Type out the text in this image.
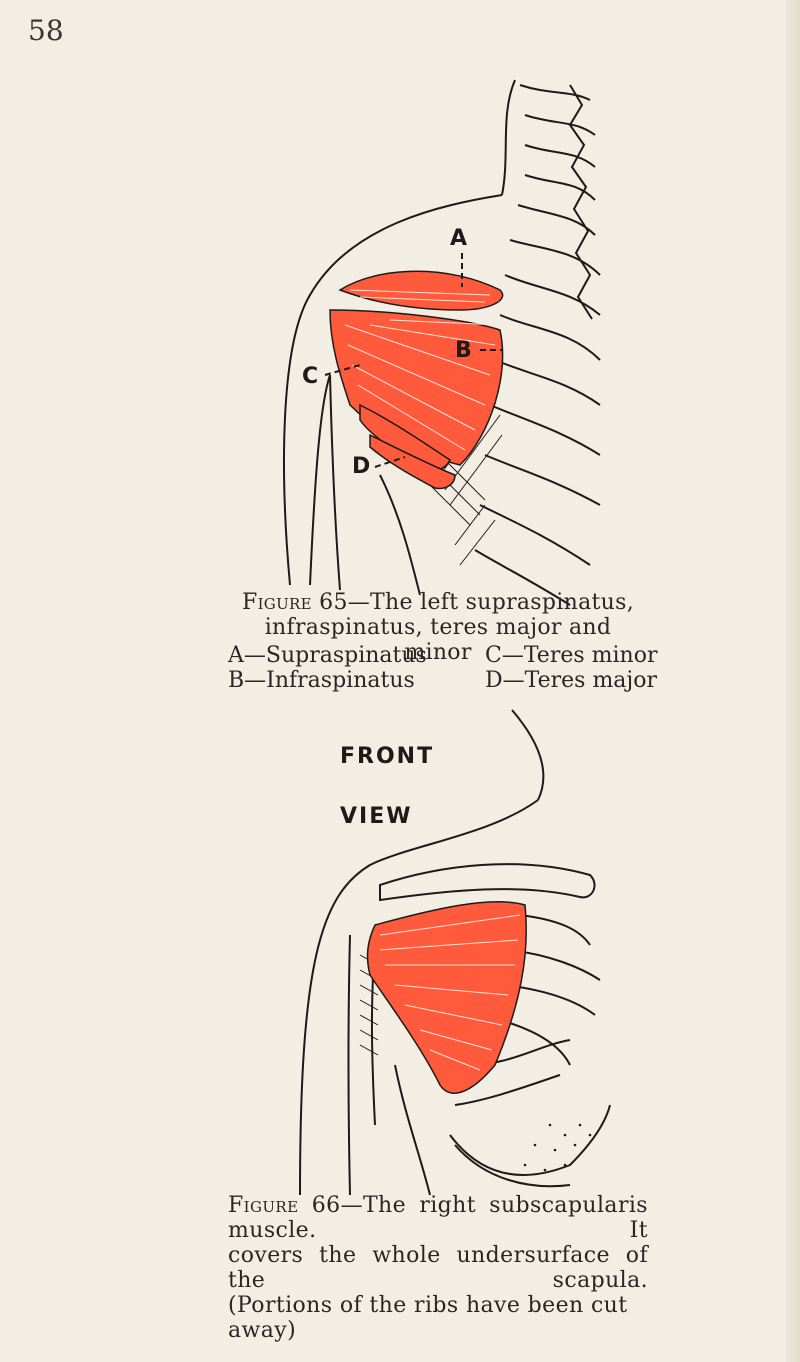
58
A
B
C
D
Figure 65—The left supraspinatus,
infraspinatus, teres major and minor
A—Supraspinatus
B—Infraspinatus
C—Teres minor
D—Teres major
FRONT
VIEW
Figure 66—The right subscapularis muscle. It
covers the whole undersurface of the scapula.
(Portions of the ribs have been cut away)
